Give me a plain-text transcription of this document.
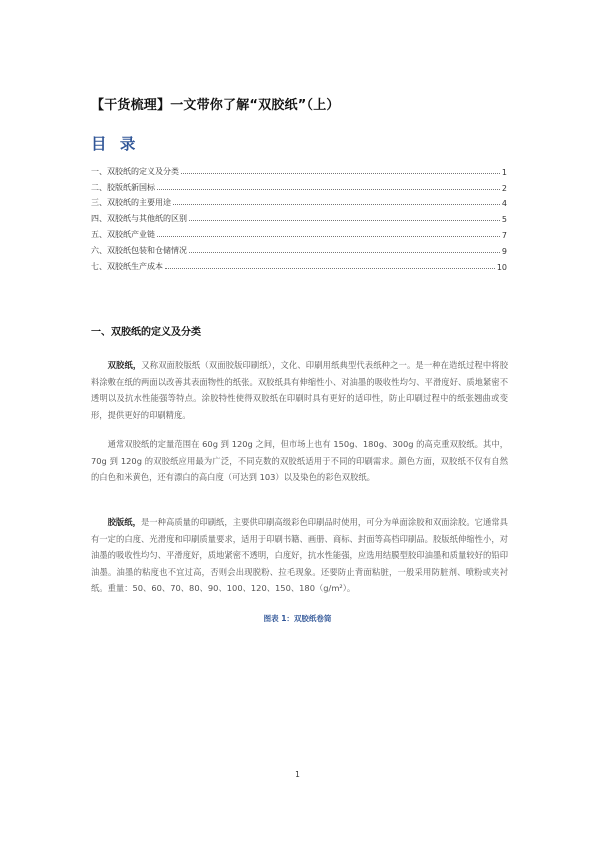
【干货梳理】一文带你了解“双胶纸”（上）
目 录
一、双胶纸的定义及分类	1
二、胶版纸新国标	2
三、双胶纸的主要用途	4
四、双胶纸与其他纸的区别	5
五、双胶纸产业链	7
六、双胶纸包装和仓储情况	9
七、双胶纸生产成本	10
一、双胶纸的定义及分类

双胶纸，又称双面胶版纸（双面胶版印刷纸），文化、印刷用纸典型代表纸种之一。是一种在造纸过程中将胶料涂敷在纸的两面以改善其表面物性的纸张。双胶纸具有伸缩性小、对油墨的吸收性均匀、平滑度好、质地紧密不透明以及抗水性能强等特点。涂胶特性使得双胶纸在印刷时具有更好的适印性，防止印刷过程中的纸张翘曲或变形，提供更好的印刷精度。

通常双胶纸的定量范围在 60g 到 120g 之间，但市场上也有 150g、180g、300g 的高克重双胶纸。其中，70g 到 120g 的双胶纸应用最为广泛，不同克数的双胶纸适用于不同的印刷需求。颜色方面，双胶纸不仅有自然的白色和米黄色，还有漂白的高白度（可达到 103）以及染色的彩色双胶纸。

胶版纸，是一种高质量的印刷纸，主要供印刷高级彩色印刷品时使用，可分为单面涂胶和双面涂胶。它通常具有一定的白度、光滑度和印刷质量要求，适用于印刷书籍、画册、商标、封面等高档印刷品。胶版纸伸缩性小，对油墨的吸收性均匀、平滑度好，质地紧密不透明，白度好，抗水性能强，应选用结膜型胶印油墨和质量较好的铅印油墨。油墨的粘度也不宜过高，否则会出现脱粉、拉毛现象。还要防止背面粘脏，一般采用防脏剂、喷粉或夹衬纸。重量：50、60、70、80、90、100、120、150、180（g/m²）。

图表 1：双胶纸卷筒
1
